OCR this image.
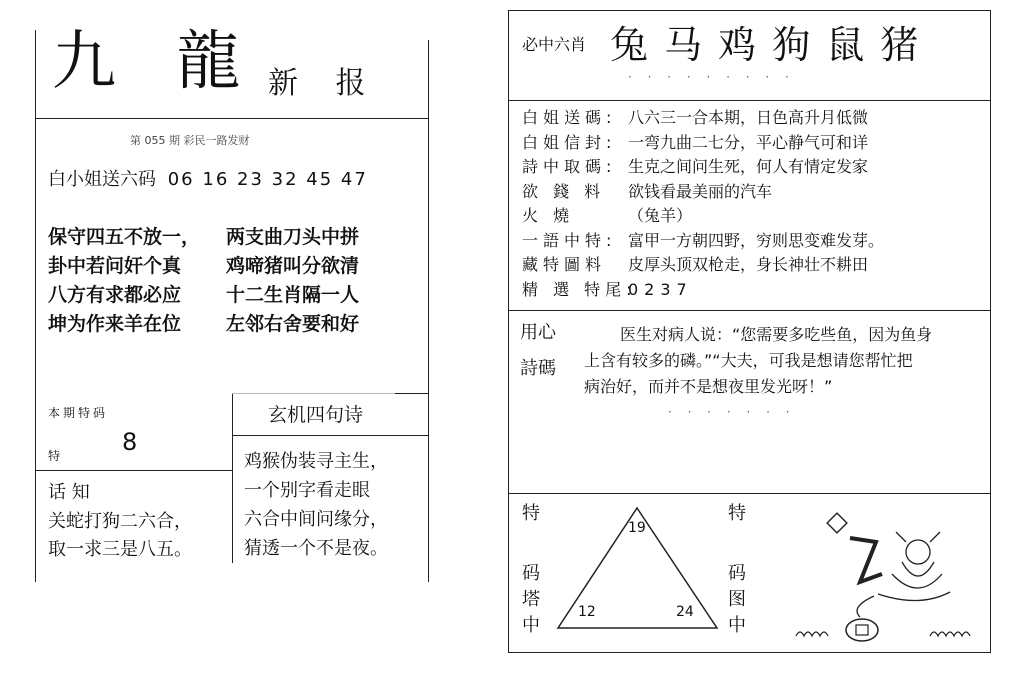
九 龍 新 报
第 055 期 彩民一路发财
白小姐送六码 06 16 23 32 45 47
保守四五不放一， 两支曲刀头中拼
卦中若问奸个真 鸡啼猪叫分欲清
八方有求都必应 十二生肖隔一人
坤为作来羊在位 左邻右舍要和好
本期特码
特	8
玄机四句诗
话 知
关蛇打狗二六合，
取一求三是八五。
鸡猴伪装寻主生，
一个别字看走眼
六合中间问缘分，
猜透一个不是夜。
必中六肖 兔 马 鸡 狗 鼠 猪
· · · · · · · · ·
白姐送碼: 八六三一合本期，日色高升月低微
白姐信封: 一弯九曲二七分，平心静气可和详
詩中取碼: 生克之间问生死，何人有情定发家
欲 錢 料 欲钱看最美丽的汽车
火 燒	（兔羊）
一語中特: 富甲一方朝四野，穷则思变难发芽。
藏特圖料 皮厚头顶双枪走，身长神壮不耕田
精 選 特尾:0237
用心
詩碼
医生对病人说：“您需要多吃些鱼，因为鱼身
上含有较多的磷。”“大夫，可我是想请您帮忙把
病治好，而并不是想夜里发光呀！”
· · · · · · ·
特
码
塔
中
特
码
图
中
19
12	24
